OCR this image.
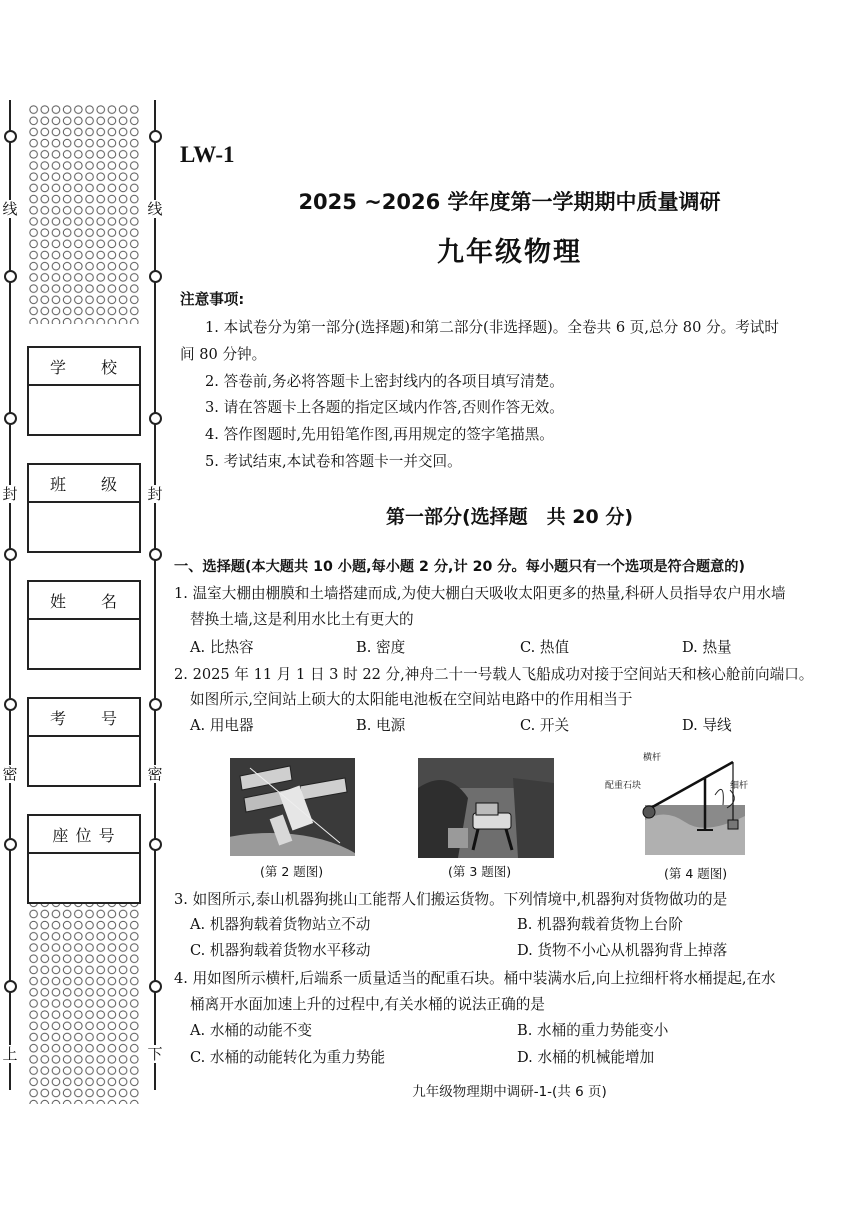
线
封
密
上
线
封
密
下
学　　校
班　　级
姓　　名
考　　号
座 位 号
LW-1
2025 ~2026 学年度第一学期期中质量调研
九年级物理
注意事项:
1. 本试卷分为第一部分(选择题)和第二部分(非选择题)。全卷共 6 页,总分 80 分。考试时
间 80 分钟。
2. 答卷前,务必将答题卡上密封线内的各项目填写清楚。
3. 请在答题卡上各题的指定区域内作答,否则作答无效。
4. 答作图题时,先用铅笔作图,再用规定的签字笔描黑。
5. 考试结束,本试卷和答题卡一并交回。
第一部分(选择题　共 20 分)
一、选择题(本大题共 10 小题,每小题 2 分,计 20 分。每小题只有一个选项是符合题意的)
1. 温室大棚由棚膜和土墙搭建而成,为使大棚白天吸收太阳更多的热量,科研人员指导农户用水墙
替换土墙,这是利用水比土有更大的
A. 比热容	B. 密度	C. 热值	D. 热量
2. 2025 年 11 月 1 日 3 时 22 分,神舟二十一号载人飞船成功对接于空间站天和核心舱前向端口。
如图所示,空间站上硕大的太阳能电池板在空间站电路中的作用相当于
A. 用电器	B. 电源	C. 开关	D. 导线
(第 2 题图)	(第 3 题图)
横杆
配重石块	细杆
(第 4 题图)
3. 如图所示,泰山机器狗挑山工能帮人们搬运货物。下列情境中,机器狗对货物做功的是
A. 机器狗载着货物站立不动	B. 机器狗载着货物上台阶
C. 机器狗载着货物水平移动	D. 货物不小心从机器狗背上掉落
4. 用如图所示横杆,后端系一质量适当的配重石块。桶中装满水后,向上拉细杆将水桶提起,在水
桶离开水面加速上升的过程中,有关水桶的说法正确的是
A. 水桶的动能不变	B. 水桶的重力势能变小
C. 水桶的动能转化为重力势能	D. 水桶的机械能增加
九年级物理期中调研-1-(共 6 页)
